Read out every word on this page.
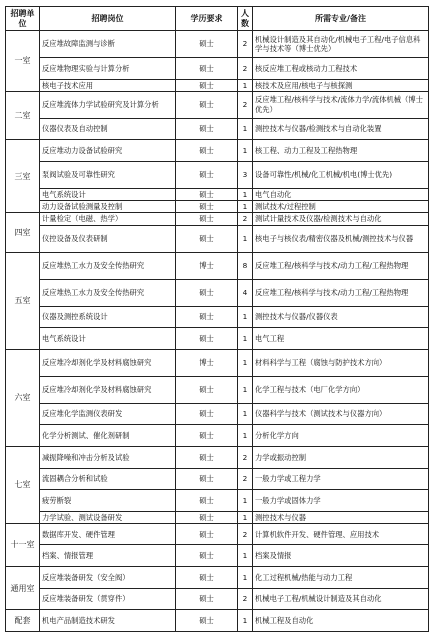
招聘单位	招聘岗位	学历要求	人数	所需专业/备注
一室	反应堆故障监测与诊断	硕士	2	机械设计制造及其自动化/机械电子工程/电子信息科学与技术等（博士优先）
	反应堆物理实验与计算分析	硕士	2	核反应堆工程或核动力工程技术
	核电子技术应用	硕士	1	核技术及应用/核电子与核探测
二室	反应堆流体力学试验研究及计算分析	硕士	2	反应堆工程/核科学与技术/流体力学/流体机械（博士优先）
	仪器仪表及自动控制	硕士	1	测控技术与仪器/检测技术与自动化装置
三室	反应堆动力设备试验研究	硕士	1	核工程、动力工程及工程热物理
	泵阀试验及可靠性研究	硕士	3	设备可靠性/机械/化工机械/机电(博士优先)
	电气系统设计	硕士	1	电气自动化
	动力设备试验测量及控制	硕士	1	测试技术/过程控制
四室	计量检定（电磁、热学）	硕士	2	测试计量技术及仪器/检测技术与自动化
	仪控设备及仪表研制	硕士	1	核电子与核仪表/精密仪器及机械/测控技术与仪器
五室	反应堆热工水力及安全传热研究	博士	8	反应堆工程/核科学与技术/动力工程/工程热物理
	反应堆热工水力及安全传热研究	硕士	4	反应堆工程/核科学与技术/动力工程/工程热物理
	仪器及测控系统设计	硕士	1	测控技术与仪器/仪器仪表
	电气系统设计	硕士	1	电气工程
六室	反应堆冷却剂化学及材料腐蚀研究	博士	1	材料科学与工程（腐蚀与防护技术方向）
	反应堆冷却剂化学及材料腐蚀研究	硕士	1	化学工程与技术（电厂化学方向）
	反应堆化学监测仪表研发	硕士	1	仪器科学与技术（测试技术与仪器方向）
	化学分析测试、催化剂研制	硕士	1	分析化学方向
七室	减振降噪和冲击分析及试验	硕士	2	力学或振动控制
	流固耦合分析和试验	硕士	2	一般力学或工程力学
	疲劳断裂	硕士	1	一般力学或固体力学
	力学试验、测试设备研发	硕士	1	测控技术与仪器
十一室	数据库开发、硬件管理	硕士	2	计算机软件开发、硬件管理、应用技术
	档案、情报管理	硕士	1	档案及情报
通用室	反应堆装备研发（安全阀）	硕士	1	化工过程机械/热能与动力工程
	反应堆装备研发（贯穿件）	硕士	2	机械电子工程/机械设计制造及其自动化
配套	机电产品制造技术研发	硕士	1	机械工程及自动化
